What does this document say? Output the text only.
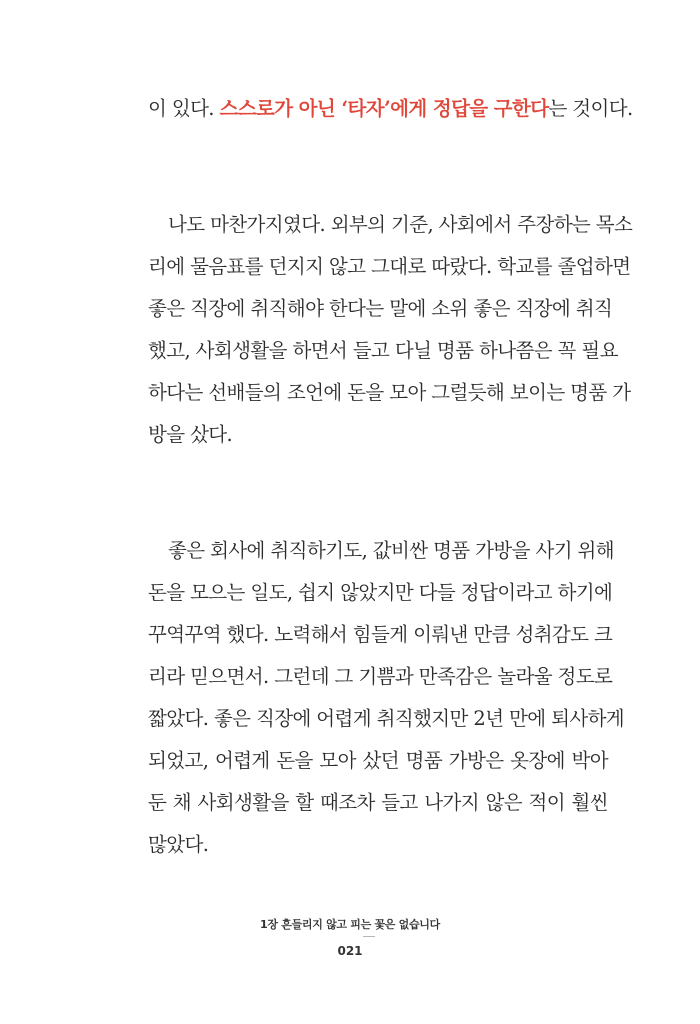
이 있다. 스스로가 아닌 ‘타자’에게 정답을 구한다는 것이다.
나도 마찬가지였다. 외부의 기준, 사회에서 주장하는 목소
리에 물음표를 던지지 않고 그대로 따랐다. 학교를 졸업하면
좋은 직장에 취직해야 한다는 말에 소위 좋은 직장에 취직
했고, 사회생활을 하면서 들고 다닐 명품 하나쯤은 꼭 필요
하다는 선배들의 조언에 돈을 모아 그럴듯해 보이는 명품 가
방을 샀다.
좋은 회사에 취직하기도, 값비싼 명품 가방을 사기 위해
돈을 모으는 일도, 쉽지 않았지만 다들 정답이라고 하기에
꾸역꾸역 했다. 노력해서 힘들게 이뤄낸 만큼 성취감도 크
리라 믿으면서. 그런데 그 기쁨과 만족감은 놀라울 정도로
짧았다. 좋은 직장에 어렵게 취직했지만 2년 만에 퇴사하게
되었고, 어렵게 돈을 모아 샀던 명품 가방은 옷장에 박아
둔 채 사회생활을 할 때조차 들고 나가지 않은 적이 훨씬
많았다.
1장 흔들리지 않고 피는 꽃은 없습니다
021
